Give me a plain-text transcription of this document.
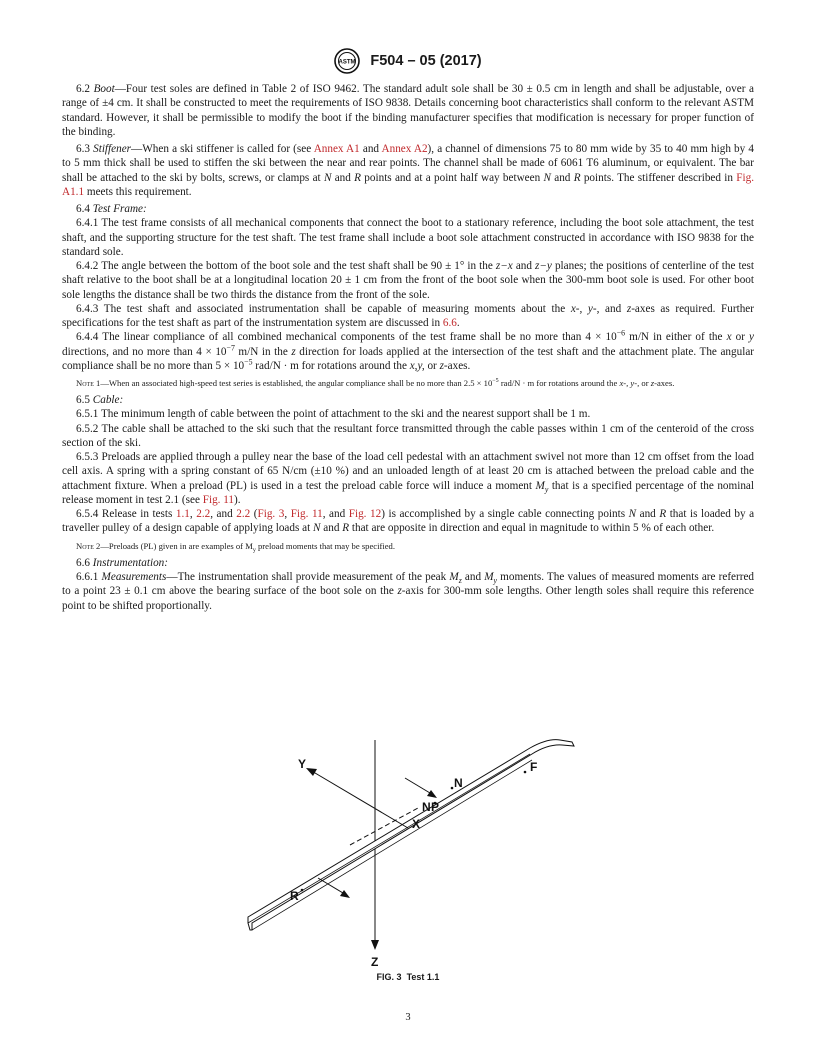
ASTM F504 – 05 (2017)

6.2 Boot—Four test soles are defined in Table 2 of ISO 9462. The standard adult sole shall be 30 ± 0.5 cm in length and shall be adjustable, over a range of ±4 cm. It shall be constructed to meet the requirements of ISO 9838. Details concerning boot characteristics shall conform to the relevant ASTM standard. However, it shall be permissible to modify the boot if the binding manufacturer specifies that modification is necessary for proper function of the binding.

6.3 Stiffener—When a ski stiffener is called for (see Annex A1 and Annex A2), a channel of dimensions 75 to 80 mm wide by 35 to 40 mm high by 4 to 5 mm thick shall be used to stiffen the ski between the near and rear points. The channel shall be made of 6061 T6 aluminum, or equivalent. The bar shall be attached to the ski by bolts, screws, or clamps at N and R points and at a point half way between N and R points. The stiffener described in Fig. A1.1 meets this requirement.

6.4 Test Frame:

6.4.1 The test frame consists of all mechanical components that connect the boot to a stationary reference, including the boot sole attachment, the test shaft, and the supporting structure for the test shaft. The test frame shall include a boot sole attachment constructed in accordance with ISO 9838 for the standard sole.

6.4.2 The angle between the bottom of the boot sole and the test shaft shall be 90 ± 1° in the z−x and z−y planes; the positions of centerline of the test shaft relative to the boot shall be at a longitudinal location 20 ± 1 cm from the front of the boot sole when the 300-mm boot sole is used. For other boot sole lengths the distance shall be two thirds the distance from the front of the sole.

6.4.3 The test shaft and associated instrumentation shall be capable of measuring moments about the x-, y-, and z-axes as required. Further specifications for the test shaft as part of the instrumentation system are discussed in 6.6.

6.4.4 The linear compliance of all combined mechanical components of the test frame shall be no more than $4 \times 10^{-6}$ m/N in either of the x or y directions, and no more than $4 \times 10^{-7}$ m/N in the z direction for loads applied at the intersection of the test shaft and the attachment plate. The angular compliance shall be no more than $5 \times 10^{-5}$ rad/N · m for rotations around the x,y, or z-axes.

Note 1—When an associated high-speed test series is established, the angular compliance shall be no more than $2.5 \times 10^{-5}$ rad/N · m for rotations around the x-, y-, or z-axes.

6.5 Cable:

6.5.1 The minimum length of cable between the point of attachment to the ski and the nearest support shall be 1 m.

6.5.2 The cable shall be attached to the ski such that the resultant force transmitted through the cable passes within 1 cm of the centeroid of the cross section of the ski.

6.5.3 Preloads are applied through a pulley near the base of the load cell pedestal with an attachment swivel not more than 12 cm offset from the load cell axis. A spring with a spring constant of 65 N/cm (±10 %) and an unloaded length of at least 20 cm is attached between the preload cable and the attachment fixture. When a preload (PL) is used in a test the preload cable force will induce a moment $M_y$ that is a specified percentage of the nominal release moment in test 2.1 (see Fig. 11).

6.5.4 Release in tests 1.1, 2.2, and 2.2 (Fig. 3, Fig. 11, and Fig. 12) is accomplished by a single cable connecting points N and R that is loaded by a traveller pulley of a design capable of applying loads at N and R that are opposite in direction and equal in magnitude to within 5 % of each other.

Note 2—Preloads (PL) given in are examples of $M_y$ preload moments that may be specified.

6.6 Instrumentation:

6.6.1 Measurements—The instrumentation shall provide measurement of the peak $M_z$ and $M_y$ moments. The values of measured moments are referred to a point 23 ± 0.1 cm above the bearing surface of the boot sole on the z-axis for 300-mm sole lengths. Other length soles shall require this reference point to be shifted proportionally.

Y
X
Z
N
N P
F
R
FIG. 3 Test 1.1
3
